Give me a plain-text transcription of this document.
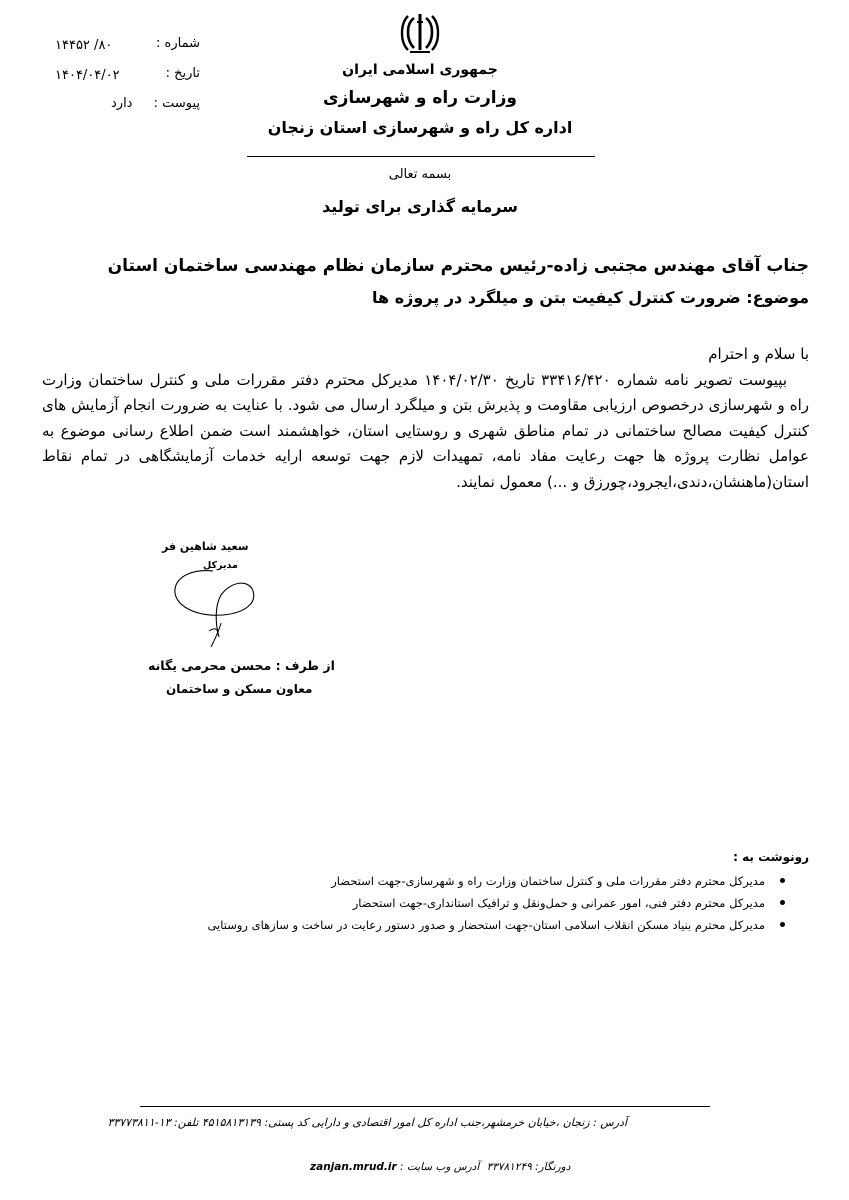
شماره :
۸۰/ ۱۴۴۵۲
تاریخ :
۱۴۰۴/۰۴/۰۲
پیوست :
دارد
جمهوری اسلامی ایران
وزارت راه و شهرسازی
اداره کل راه و شهرسازی استان زنجان
بسمه تعالی
سرمایه گذاری برای تولید
جناب آقای مهندس مجتبی زاده-رئیس محترم سازمان نظام مهندسی ساختمان استان
موضوع: ضرورت کنترل کیفیت بتن و میلگرد در پروژه ها

با سلام و احترام

بپیوست تصویر نامه شماره ۳۳۴۱۶/۴۲۰ تاریخ ۱۴۰۴/۰۲/۳۰ مدیرکل محترم دفتر مقررات ملی و کنترل ساختمان وزارت راه و شهرسازی درخصوص ارزیابی مقاومت و پذیرش بتن و میلگرد ارسال می شود. با عنایت به ضرورت انجام آزمایش های کنترل کیفیت مصالح ساختمانی در تمام مناطق شهری و روستایی استان، خواهشمند است ضمن اطلاع رسانی موضوع به عوامل نظارت پروژه ها جهت رعایت مفاد نامه، تمهیدات لازم جهت توسعه ارایه خدمات آزمایشگاهی در تمام نقاط استان(ماهنشان،دندی،ایجرود،چورزق و ...) معمول نمایند.

سعید شاهین فر
مدیرکل
از طرف : محسن محرمی یگانه
معاون مسکن و ساختمان
رونوشت به :
مدیرکل محترم دفتر مقررات ملی و کنترل ساختمان وزارت راه و شهرسازی-جهت استحضار
مدیرکل محترم دفتر فنی، امور عمرانی و حمل‌ونقل و ترافیک استانداری-جهت استحضار
مدیرکل محترم بنیاد مسکن انقلاب اسلامی استان-جهت استحضار و صدور دستور رعایت در ساخت و سازهای روستایی
آدرس : زنجان ،خیابان خرمشهر،جنب اداره کل امور اقتصادی و دارایی کد پستی: ۴۵۱۵۸۱۳۱۳۹ تلفن: ۱۳-۳۳۷۷۳۸۱۱
zanjan.mrud.ir آدرس وب سایت : دورنگار: ۳۳۷۸۱۲۴۹
